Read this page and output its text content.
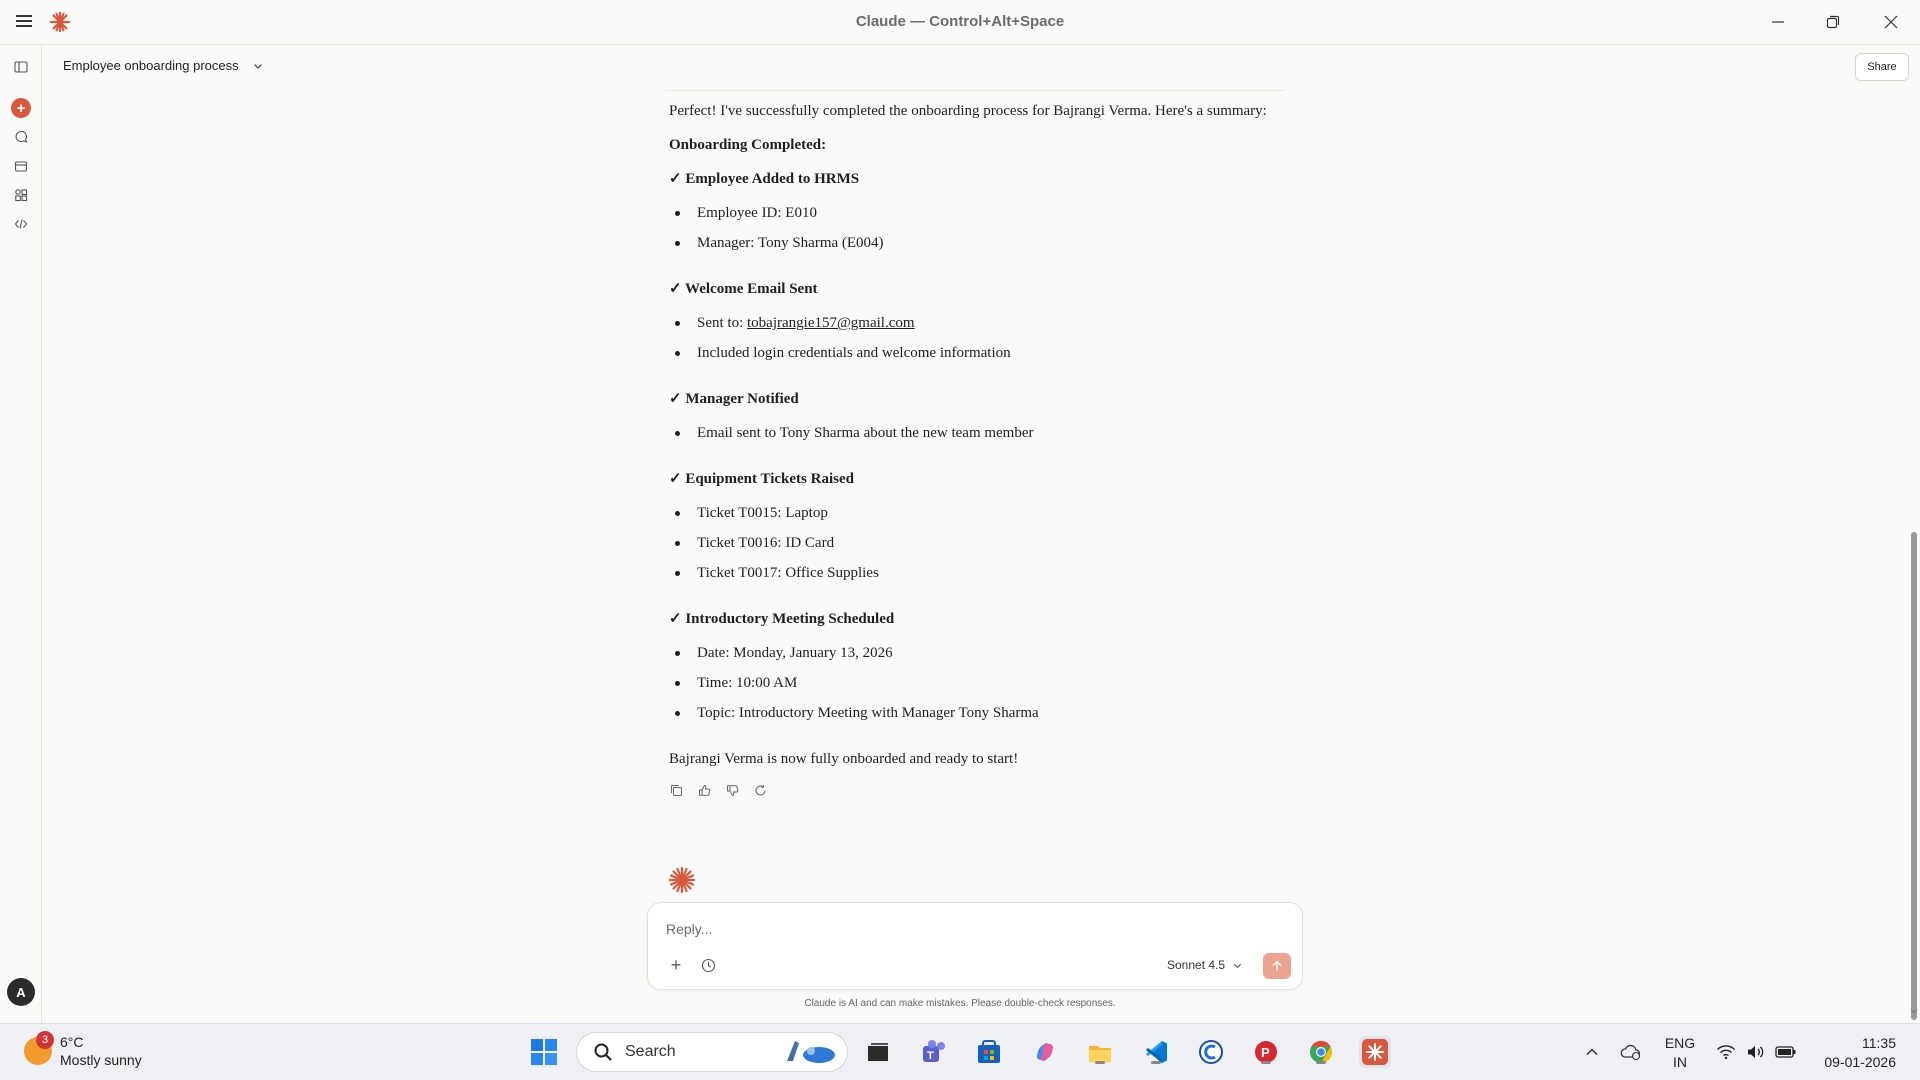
Claude — Control+Alt+Space
+
A
Employee onboarding process	Share

Perfect! I've successfully completed the onboarding process for Bajrangi Verma. Here's a summary:

Onboarding Completed:
✓ Employee Added to HRMS
Employee ID: E010
Manager: Tony Sharma (E004)
✓ Welcome Email Sent
Sent to: tobajrangie157@gmail.com
Included login credentials and welcome information
✓ Manager Notified
Email sent to Tony Sharma about the new team member
✓ Equipment Tickets Raised
Ticket T0015: Laptop
Ticket T0016: ID Card
Ticket T0017: Office Supplies
✓ Introductory Meeting Scheduled
Date: Monday, January 13, 2026
Time: 10:00 AM
Topic: Introductory Meeting with Manager Tony Sharma

Bajrangi Verma is now fully onboarded and ready to start!

Reply...
+	Sonnet 4.5
Claude is AI and can make mistakes. Please double-check responses.
3 6°C
Mostly sunny	Search	T	P
ENG
IN
11:35
09-01-2026
